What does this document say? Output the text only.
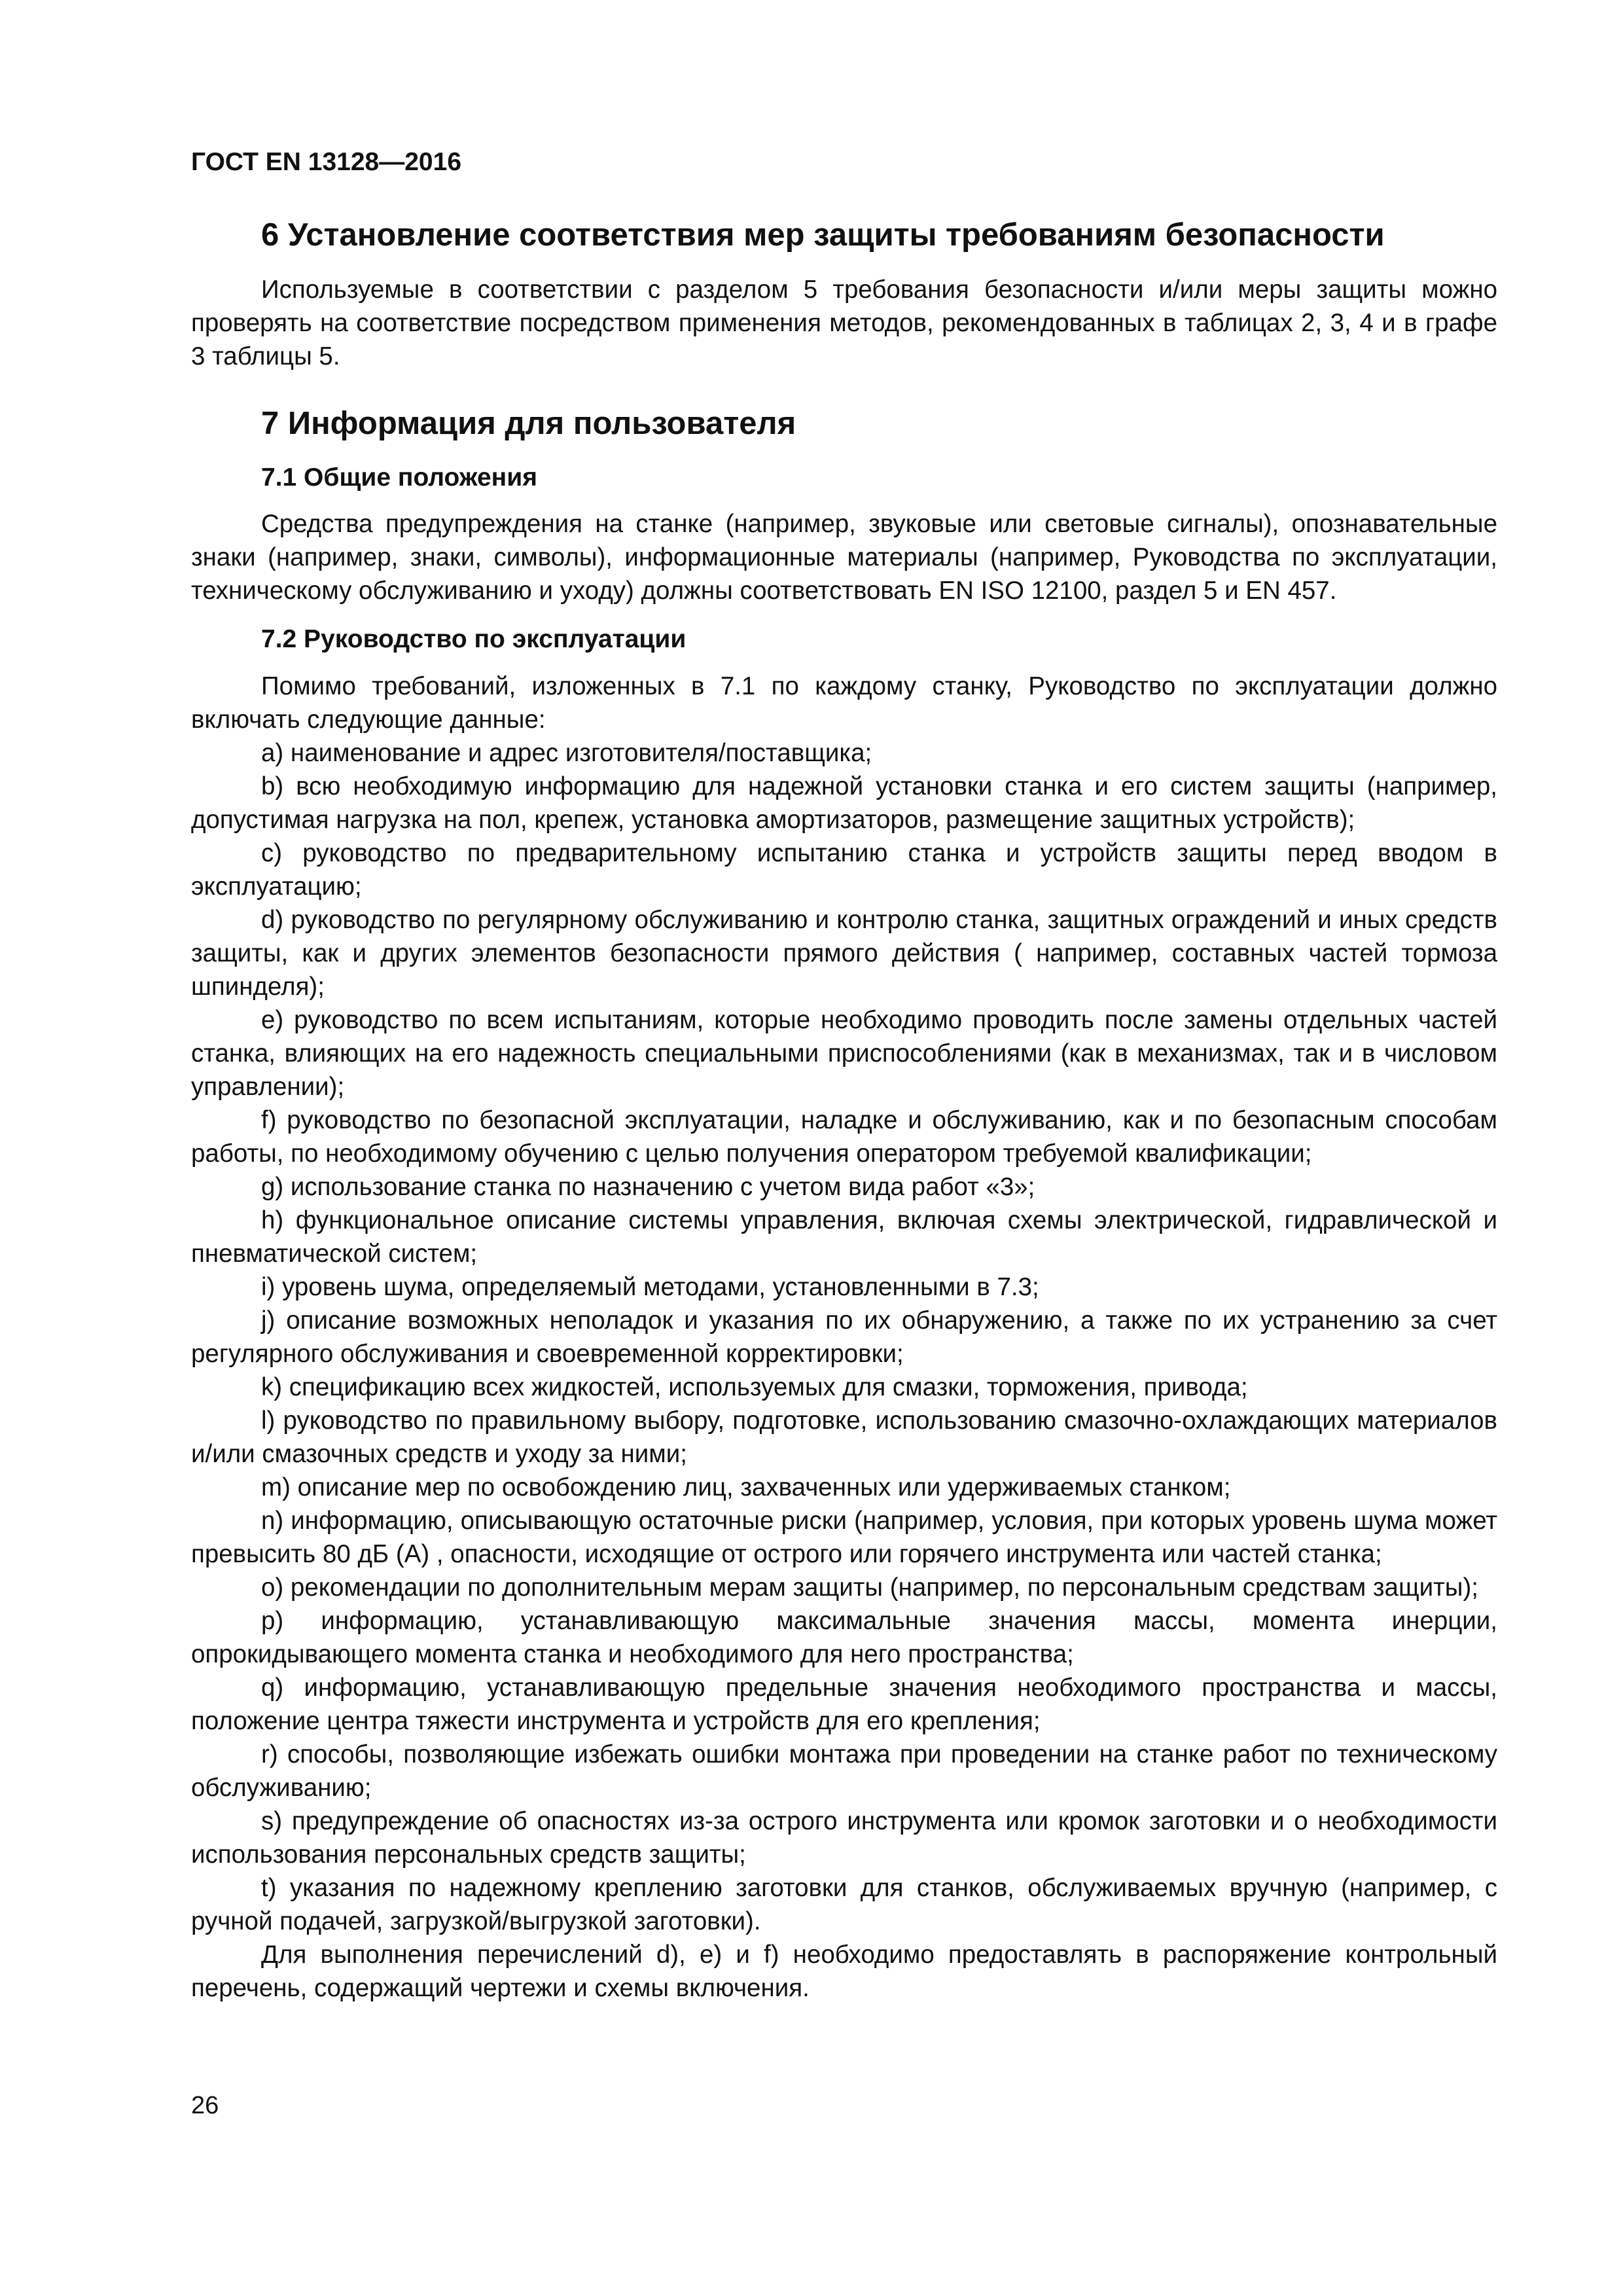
ГОСТ EN 13128—2016

6 Установление соответствия мер защиты требованиям безопасности

Используемые в соответствии с разделом 5 требования безопасности и/или меры защиты можно проверять на соответствие посредством применения методов, рекомендованных в таблицах 2, 3, 4 и в графе 3 таблицы 5.

7 Информация для пользователя
7.1 Общие положения

Средства предупреждения на станке (например, звуковые или световые сигналы), опознавательные знаки (например, знаки, символы), информационные материалы (например, Руководства по эксплуатации, техническому обслуживанию и уходу) должны соответствовать EN ISO 12100, раздел 5 и EN 457.

7.2 Руководство по эксплуатации

Помимо требований, изложенных в 7.1 по каждому станку, Руководство по эксплуатации должно включать следующие данные:

a) наименование и адрес изготовителя/поставщика;

b) всю необходимую информацию для надежной установки станка и его систем защиты (например, допустимая нагрузка на пол, крепеж, установка амортизаторов, размещение защитных устройств);

c) руководство по предварительному испытанию станка и устройств защиты перед вводом в эксплуатацию;

d) руководство по регулярному обслуживанию и контролю станка, защитных ограждений и иных средств защиты, как и других элементов безопасности прямого действия ( например, составных частей тормоза шпинделя);

e) руководство по всем испытаниям, которые необходимо проводить после замены отдельных частей станка, влияющих на его надежность специальными приспособлениями (как в механизмах, так и в числовом управлении);

f) руководство по безопасной эксплуатации, наладке и обслуживанию, как и по безопасным способам работы, по необходимому обучению с целью получения оператором требуемой квалификации;

g) использование станка по назначению с учетом вида работ «3»;

h) функциональное описание системы управления, включая схемы электрической, гидравлической и пневматической систем;

i) уровень шума, определяемый методами, установленными в 7.3;

j) описание возможных неполадок и указания по их обнаружению, а также по их устранению за счет регулярного обслуживания и своевременной корректировки;

k) спецификацию всех жидкостей, используемых для смазки, торможения, привода;

l) руководство по правильному выбору, подготовке, использованию смазочно-охлаждающих материалов и/или смазочных средств и уходу за ними;

m) описание мер по освобождению лиц, захваченных или удерживаемых станком;

n) информацию, описывающую остаточные риски (например, условия, при которых уровень шума может превысить 80 дБ (А) , опасности, исходящие от острого или горячего инструмента или частей станка;

o) рекомендации по дополнительным мерам защиты (например, по персональным средствам защиты);

p) информацию, устанавливающую максимальные значения массы, момента инерции, опрокидывающего момента станка и необходимого для него пространства;

q) информацию, устанавливающую предельные значения необходимого пространства и массы, положение центра тяжести инструмента и устройств для его крепления;

r) способы, позволяющие избежать ошибки монтажа при проведении на станке работ по техническому обслуживанию;

s) предупреждение об опасностях из-за острого инструмента или кромок заготовки и о необходимости использования персональных средств защиты;

t) указания по надежному креплению заготовки для станков, обслуживаемых вручную (например, с ручной подачей, загрузкой/выгрузкой заготовки).

Для выполнения перечислений d), e) и f) необходимо предоставлять в распоряжение контрольный перечень, содержащий чертежи и схемы включения.

26
